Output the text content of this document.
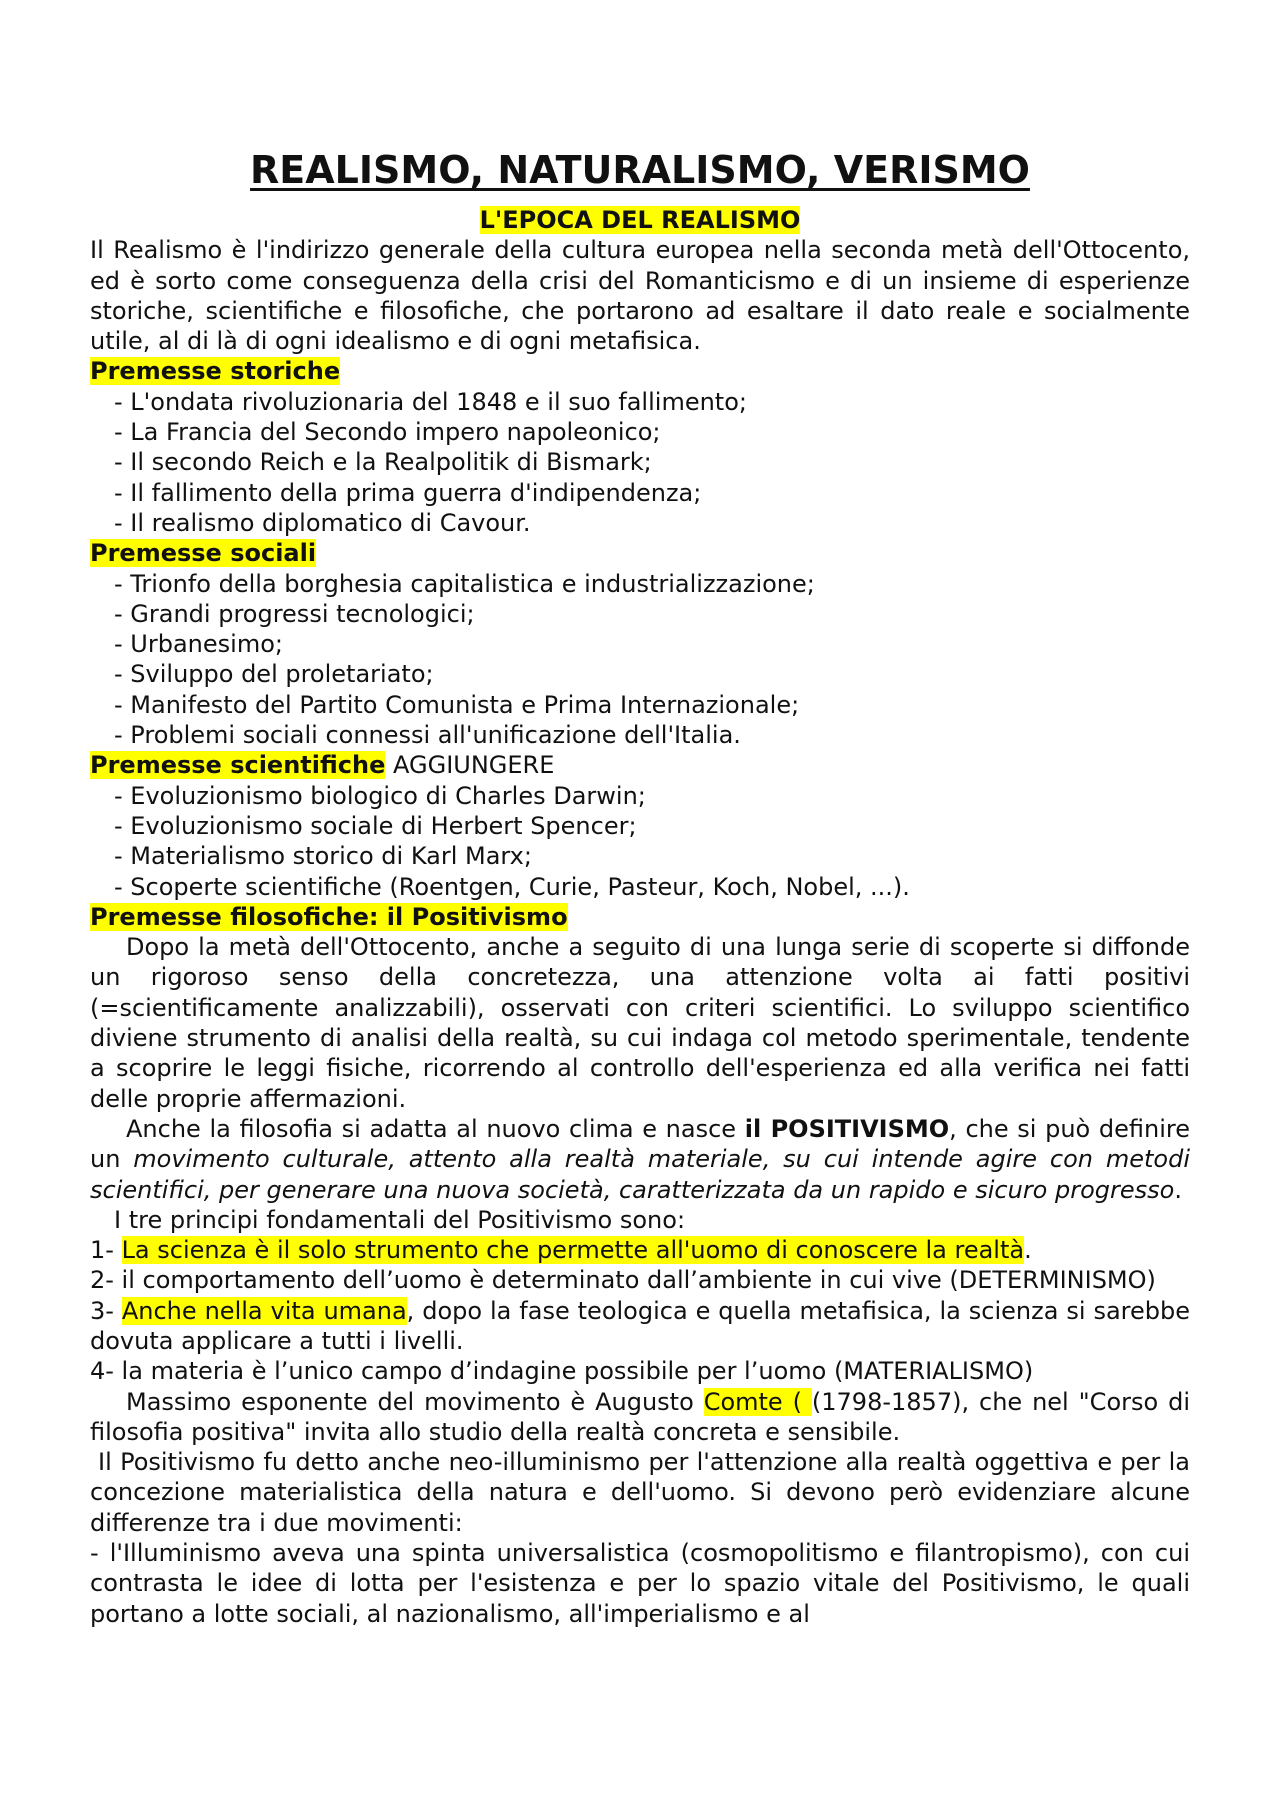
REALISMO, NATURALISMO, VERISMO
L'EPOCA DEL REALISMO

Il Realismo è l'indirizzo generale della cultura europea nella seconda metà dell'Ottocento, ed è sorto come conseguenza della crisi del Romanticismo e di un insieme di esperienze storiche, scientifiche e filosofiche, che portarono ad esaltare il dato reale e socialmente utile, al di là di ogni idealismo e di ogni metafisica.

Premesse storiche
- L'ondata rivoluzionaria del 1848 e il suo fallimento;
- La Francia del Secondo impero napoleonico;
- Il secondo Reich e la Realpolitik di Bismark;
- Il fallimento della prima guerra d'indipendenza;
- Il realismo diplomatico di Cavour.
Premesse sociali
- Trionfo della borghesia capitalistica e industrializzazione;
- Grandi progressi tecnologici;
- Urbanesimo;
- Sviluppo del proletariato;
- Manifesto del Partito Comunista e Prima Internazionale;
- Problemi sociali connessi all'unificazione dell'Italia.
Premesse scientifiche AGGIUNGERE
- Evoluzionismo biologico di Charles Darwin;
- Evoluzionismo sociale di Herbert Spencer;
- Materialismo storico di Karl Marx;
- Scoperte scientifiche (Roentgen, Curie, Pasteur, Koch, Nobel, ...).
Premesse filosofiche: il Positivismo

Dopo la metà dell'Ottocento, anche a seguito di una lunga serie di scoperte si diffonde un rigoroso senso della concretezza, una attenzione volta ai fatti positivi (=scientificamente analizzabili), osservati con criteri scientifici. Lo sviluppo scientifico diviene strumento di analisi della realtà, su cui indaga col metodo sperimentale, tendente a scoprire le leggi fisiche, ricorrendo al controllo dell'esperienza ed alla verifica nei fatti delle proprie affermazioni.

Anche la filosofia si adatta al nuovo clima e nasce il POSITIVISMO, che si può definire un movimento culturale, attento alla realtà materiale, su cui intende agire con metodi scientifici, per generare una nuova società, caratterizzata da un rapido e sicuro progresso.

I tre principi fondamentali del Positivismo sono:

1- La scienza è il solo strumento che permette all'uomo di conoscere la realtà.

2- il comportamento dell’uomo è determinato dall’ambiente in cui vive (DETERMINISMO)

3- Anche nella vita umana, dopo la fase teologica e quella metafisica, la scienza si sarebbe dovuta applicare a tutti i livelli.

4- la materia è l’unico campo d’indagine possibile per l’uomo (MATERIALISMO)

Massimo esponente del movimento è Augusto Comte ( (1798-1857), che nel "Corso di filosofia positiva" invita allo studio della realtà concreta e sensibile.

Il Positivismo fu detto anche neo-illuminismo per l'attenzione alla realtà oggettiva e per la concezione materialistica della natura e dell'uomo. Si devono però evidenziare alcune differenze tra i due movimenti:

- l'Illuminismo aveva una spinta universalistica (cosmopolitismo e filantropismo), con cui contrasta le idee di lotta per l'esistenza e per lo spazio vitale del Positivismo, le quali portano a lotte sociali, al nazionalismo, all'imperialismo e al
